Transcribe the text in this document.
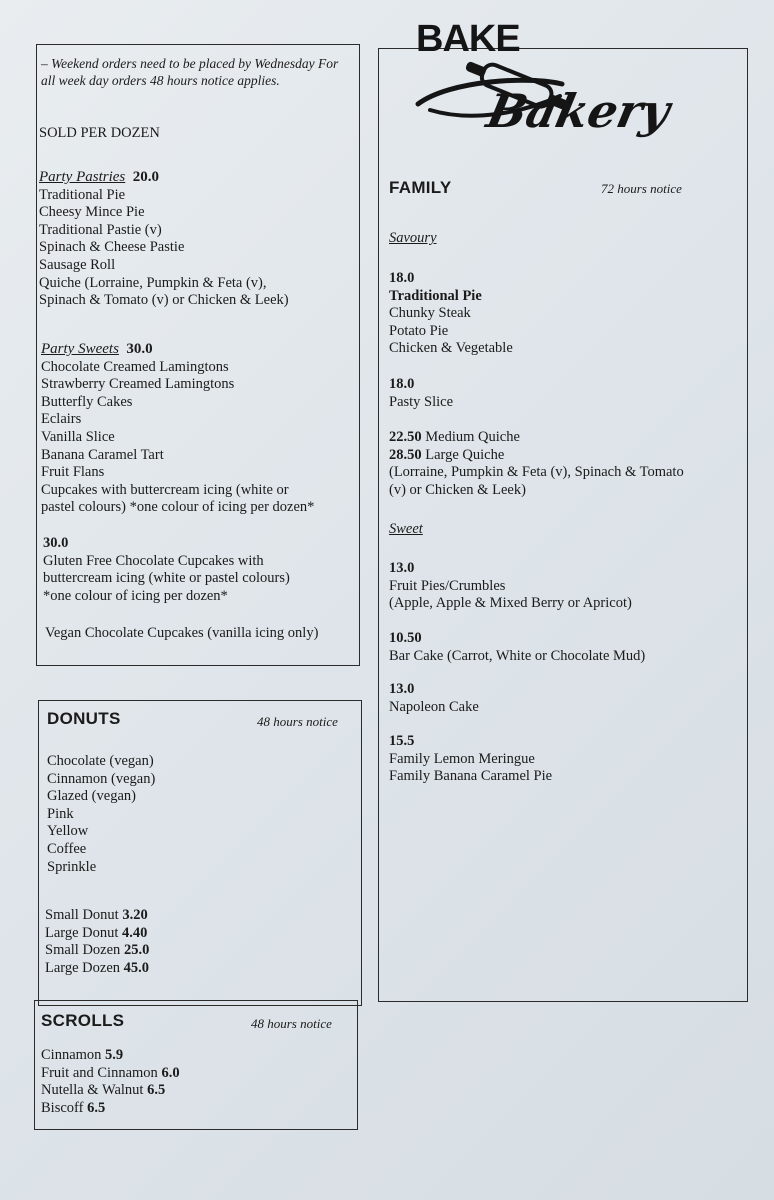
– Weekend orders need to be placed by Wednesday For all week day orders 48 hours notice applies.
SOLD PER DOZEN
Party Pastries 20.0
Traditional Pie
Cheesy Mince Pie
Traditional Pastie (v)
Spinach & Cheese Pastie
Sausage Roll
Quiche (Lorraine, Pumpkin & Feta (v),
Spinach & Tomato (v) or Chicken & Leek)
Party Sweets 30.0
Chocolate Creamed Lamingtons
Strawberry Creamed Lamingtons
Butterfly Cakes
Eclairs
Vanilla Slice
Banana Caramel Tart
Fruit Flans
Cupcakes with buttercream icing (white or
pastel colours) *one colour of icing per dozen*
30.0
Gluten Free Chocolate Cupcakes with
buttercream icing (white or pastel colours)
*one colour of icing per dozen*
Vegan Chocolate Cupcakes (vanilla icing only)
DONUTS	48 hours notice
Chocolate (vegan)
Cinnamon (vegan)
Glazed (vegan)
Pink
Yellow
Coffee
Sprinkle
Small Donut 3.20
Large Donut 4.40
Small Dozen 25.0
Large Dozen 45.0
SCROLLS	48 hours notice
Cinnamon 5.9
Fruit and Cinnamon 6.0
Nutella & Walnut 6.5
Biscoff 6.5
BAKE
Bakery
FAMILY	72 hours notice
Savoury
18.0
Traditional Pie
Chunky Steak
Potato Pie
Chicken & Vegetable
18.0
Pasty Slice
22.50 Medium Quiche
28.50 Large Quiche
(Lorraine, Pumpkin & Feta (v), Spinach & Tomato
(v) or Chicken & Leek)
Sweet
13.0
Fruit Pies/Crumbles
(Apple, Apple & Mixed Berry or Apricot)
10.50
Bar Cake (Carrot, White or Chocolate Mud)
13.0
Napoleon Cake
15.5
Family Lemon Meringue
Family Banana Caramel Pie
